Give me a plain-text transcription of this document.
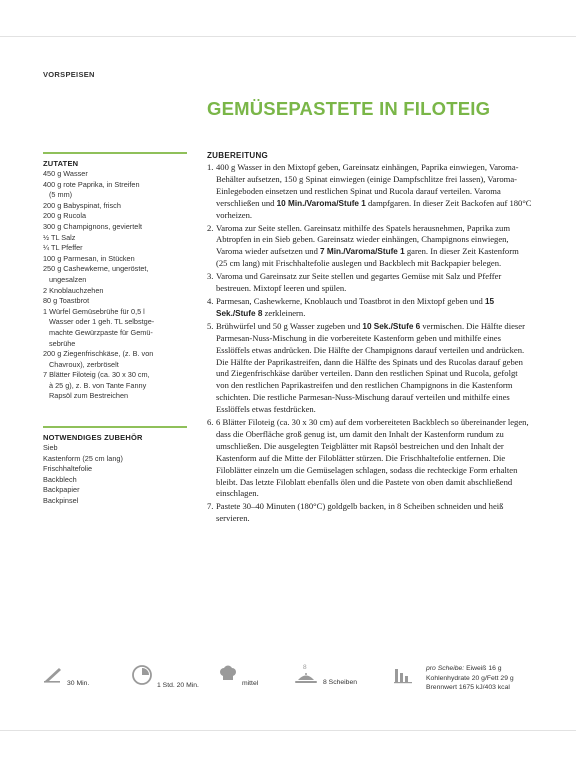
VORSPEISEN
GEMÜSEPASTETE IN FILOTEIG
ZUTATEN
450 g Wasser
400 g rote Paprika, in Streifen
(5 mm)
200 g Babyspinat, frisch
200 g Rucola
300 g Champignons, geviertelt
½ TL Salz
¼ TL Pfeffer
100 g Parmesan, in Stücken
250 g Cashewkerne, ungeröstet,
ungesalzen
2 Knoblauchzehen
80 g Toastbrot
1 Würfel Gemüsebrühe für 0,5 l
Wasser oder 1 geh. TL selbstge-
machte Gewürzpaste für Gemü-
sebrühe
200 g Ziegenfrischkäse, (z. B. von
Chavroux), zerbröselt
7 Blätter Filoteig (ca. 30 x 30 cm,
à 25 g), z. B. von Tante Fanny
Rapsöl zum Bestreichen
NOTWENDIGES ZUBEHÖR
Sieb
Kastenform (25 cm lang)
Frischhaltefolie
Backblech
Backpapier
Backpinsel
ZUBEREITUNG
1. 400 g Wasser in den Mixtopf geben, Gareinsatz einhängen, Paprika einwiegen, Varoma-Behälter aufsetzen, 150 g Spinat einwiegen (einige Dampfschlitze frei lassen), Varoma-Einlegeboden einsetzen und restlichen Spinat und Rucola darauf verteilen. Varoma verschließen und 10 Min./Varoma/Stufe 1 dampfgaren. In dieser Zeit Backofen auf 180°C vorheizen.
2. Varoma zur Seite stellen. Gareinsatz mithilfe des Spatels herausnehmen, Paprika zum Abtropfen in ein Sieb geben. Gareinsatz wieder einhängen, Champignons einwiegen, Varoma wieder aufsetzen und 7 Min./Varoma/Stufe 1 garen. In dieser Zeit Kastenform (25 cm lang) mit Frischhaltefolie auslegen und Backblech mit Backpapier belegen.
3. Varoma und Gareinsatz zur Seite stellen und gegartes Gemüse mit Salz und Pfeffer bestreuen. Mixtopf leeren und spülen.
4. Parmesan, Cashewkerne, Knoblauch und Toastbrot in den Mixtopf geben und 15 Sek./Stufe 8 zerkleinern.
5. Brühwürfel und 50 g Wasser zugeben und 10 Sek./Stufe 6 vermischen. Die Hälfte dieser Parmesan-Nuss-Mischung in die vorbereitete Kastenform geben und mithilfe eines Esslöffels etwas andrücken. Die Hälfte der Champignons darauf verteilen und andrücken. Die Hälfte der Paprikastreifen, dann die Hälfte des Spinats und des Rucolas darauf geben und Ziegenfrischkäse darüber verteilen. Dann den restlichen Spinat und Rucola, gefolgt von den restlichen Paprikastreifen und den restlichen Champignons in die Kastenform schichten. Die restliche Parmesan-Nuss-Mischung darauf verteilen und mithilfe eines Esslöffels etwas festdrücken.
6. 6 Blätter Filoteig (ca. 30 x 30 cm) auf dem vorbereiteten Backblech so übereinander legen, dass die Oberfläche groß genug ist, um damit den Inhalt der Kastenform rundum zu umschließen. Die ausgelegten Teigblätter mit Rapsöl bestreichen und den Inhalt der Kastenform auf die Mitte der Filoblätter stürzen. Die Frischhaltefolie entfernen. Die Filoblätter einzeln um die Gemüselagen schlagen, sodass die rechteckige Form erhalten bleibt. Das letzte Filoblatt ebenfalls ölen und die Pastete von oben damit abschließend einschlagen.
7. Pastete 30–40 Minuten (180°C) goldgelb backen, in 8 Scheiben schneiden und heiß servieren.
30 Min.	1 Std. 20 Min.	mittel
8
8 Scheiben
pro Scheibe: Eiweiß 16 g
Kohlenhydrate 20 g/Fett 29 g
Brennwert 1675 kJ/403 kcal
